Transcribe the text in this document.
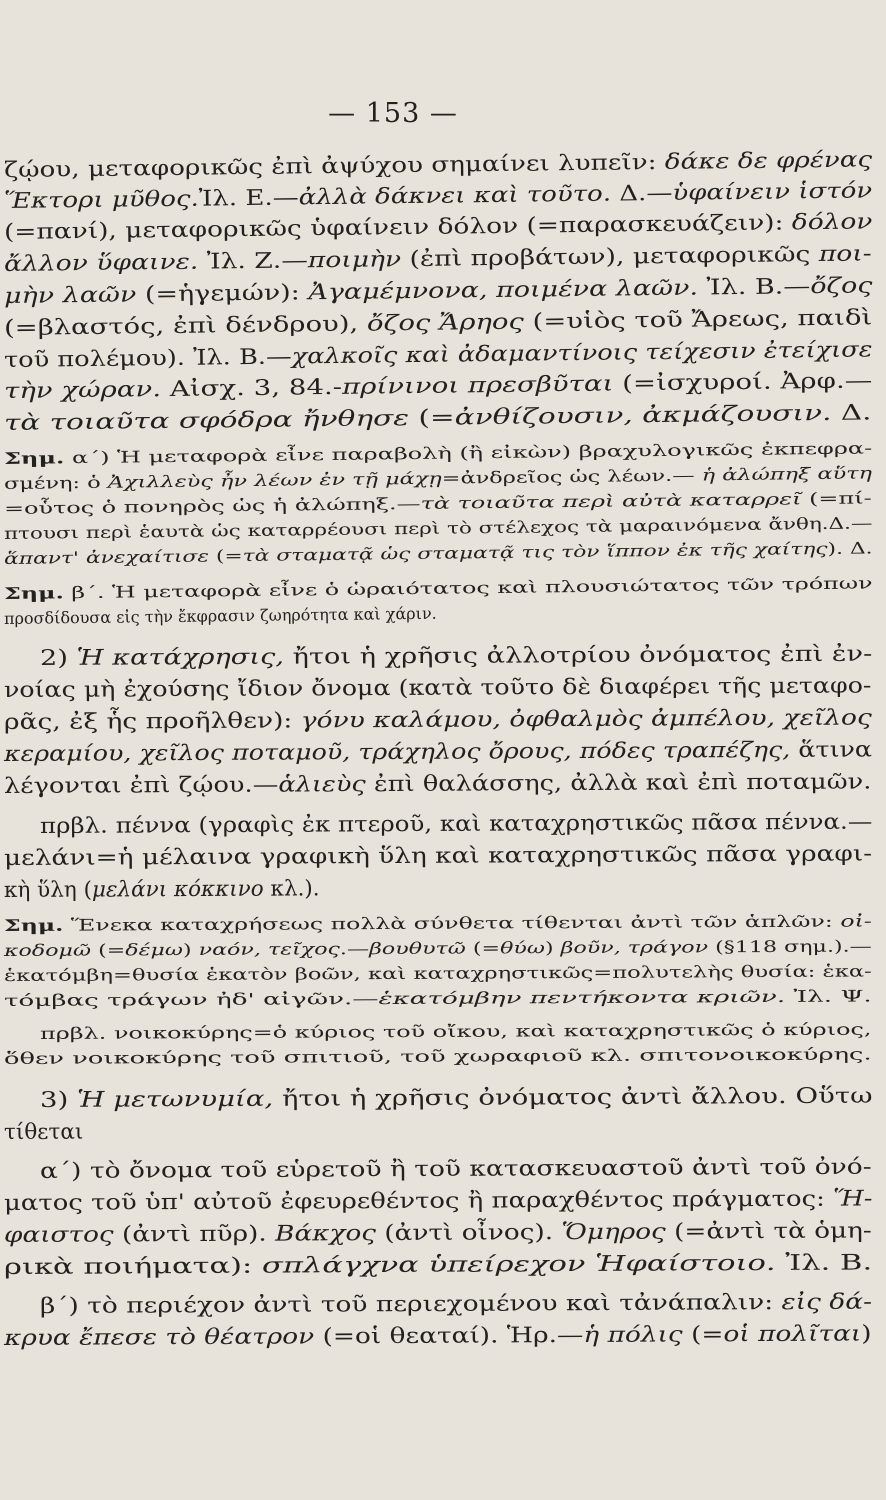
— 153 —
ζῴου, μεταφορικῶς ἐπὶ ἀψύχου σημαίνει λυπεῖν: δάκε δε φρένας
Ἕκτορι μῦθος.Ἰλ. Ε.—ἀλλὰ δάκνει καὶ τοῦτο. Δ.—ὑφαίνειν ἱστόν
(=πανί), μεταφορικῶς ὑφαίνειν δόλον (=παρασκευάζειν): δόλον
ἄλλον ὕφαινε. Ἰλ. Ζ.—ποιμὴν (ἐπὶ προβάτων), μεταφορικῶς ποι-
μὴν λαῶν (=ἡγεμών): Ἀγαμέμνονα, ποιμένα λαῶν. Ἰλ. Β.—ὄζος
(=βλαστός, ἐπὶ δένδρου), ὄζος Ἄρηος (=υἱὸς τοῦ Ἄρεως, παιδὶ
τοῦ πολέμου). Ἰλ. Β.—χαλκοῖς καὶ ἀδαμαντίνοις τείχεσιν ἐτείχισε
τὴν χώραν. Αἰσχ. 3, 84.-πρίνινοι πρεσβῦται (=ἰσχυροί. Ἀρφ.—
τὰ τοιαῦτα σφόδρα ἤνθησε (=ἀνθίζουσιν, ἀκμάζουσιν. Δ.
Σημ. α΄) Ἡ μεταφορὰ εἶνε παραβολὴ (ἢ εἰκὼν) βραχυλογικῶς ἐκπεφρα-
σμένη: ὁ Ἀχιλλεὺς ἦν λέων ἐν τῇ μάχῃ=ἀνδρεῖος ὡς λέων.— ἡ ἀλώπηξ αὕτη
=οὗτος ὁ πονηρὸς ὡς ἡ ἀλώπηξ.—τὰ τοιαῦτα περὶ αὐτὰ καταρρεῖ (=πί-
πτουσι περὶ ἑαυτὰ ὡς καταρρέουσι περὶ τὸ στέλεχος τὰ μαραινόμενα ἄνθη.Δ.—
ἅπαντ' ἀνεχαίτισε (=τὰ σταματᾷ ὡς σταματᾷ τις τὸν ἵππον ἐκ τῆς χαίτης). Δ.
Σημ. β΄. Ἡ μεταφορὰ εἶνε ὁ ὡραιότατος καὶ πλουσιώτατος τῶν τρόπων
προσδίδουσα εἰς τὴν ἔκφρασιν ζωηρότητα καὶ χάριν.
2) Ἡ κατάχρησις, ἤτοι ἡ χρῆσις ἀλλοτρίου ὀνόματος ἐπὶ ἐν-
νοίας μὴ ἐχούσης ἴδιον ὄνομα (κατὰ τοῦτο δὲ διαφέρει τῆς μεταφο-
ρᾶς, ἐξ ἧς προῆλθεν): γόνυ καλάμου, ὀφθαλμὸς ἀμπέλου, χεῖλος
κεραμίου, χεῖλος ποταμοῦ, τράχηλος ὄρους, πόδες τραπέζης, ἅτινα
λέγονται ἐπὶ ζῴου.—ἁλιεὺς ἐπὶ θαλάσσης, ἀλλὰ καὶ ἐπὶ ποταμῶν.
πρβλ. πέννα (γραφὶς ἐκ πτεροῦ, καὶ καταχρηστικῶς πᾶσα πέννα.—
μελάνι=ἡ μέλαινα γραφικὴ ὕλη καὶ καταχρηστικῶς πᾶσα γραφι-
κὴ ὕλη (μελάνι κόκκινο κλ.).
Σημ. Ἕνεκα καταχρήσεως πολλὰ σύνθετα τίθενται ἀντὶ τῶν ἁπλῶν: οἰ-
κοδομῶ (=δέμω) ναόν, τεῖχος.—βουθυτῶ (=θύω) βοῦν, τράγον (§118 σημ.).—
ἑκατόμβη=θυσία ἑκατὸν βοῶν, καὶ καταχρηστικῶς=πολυτελὴς θυσία: ἑκα-
τόμβας τράγων ἠδ' αἰγῶν.—ἑκατόμβην πεντήκοντα κριῶν. Ἰλ. Ψ.
πρβλ. νοικοκύρης=ὁ κύριος τοῦ οἴκου, καὶ καταχρηστικῶς ὁ κύριος,
ὅθεν νοικοκύρης τοῦ σπιτιοῦ, τοῦ χωραφιοῦ κλ. σπιτονοικοκύρης.
3) Ἡ μετωνυμία, ἤτοι ἡ χρῆσις ὀνόματος ἀντὶ ἄλλου. Οὕτω
τίθεται
α΄) τὸ ὄνομα τοῦ εὑρετοῦ ἢ τοῦ κατασκευαστοῦ ἀντὶ τοῦ ὀνό-
ματος τοῦ ὑπ' αὐτοῦ ἐφευρεθέντος ἢ παραχθέντος πράγματος: Ἥ-
φαιστος (ἀντὶ πῦρ). Βάκχος (ἀντὶ οἶνος). Ὅμηρος (=ἀντὶ τὰ ὁμη-
ρικὰ ποιήματα): σπλάγχνα ὑπείρεχον Ἡφαίστοιο. Ἰλ. Β.
β΄) τὸ περιέχον ἀντὶ τοῦ περιεχομένου καὶ τἀνάπαλιν: εἰς δά-
κρυα ἔπεσε τὸ θέατρον (=οἱ θεαταί). Ἡρ.—ἡ πόλις (=οἱ πολῖται)
